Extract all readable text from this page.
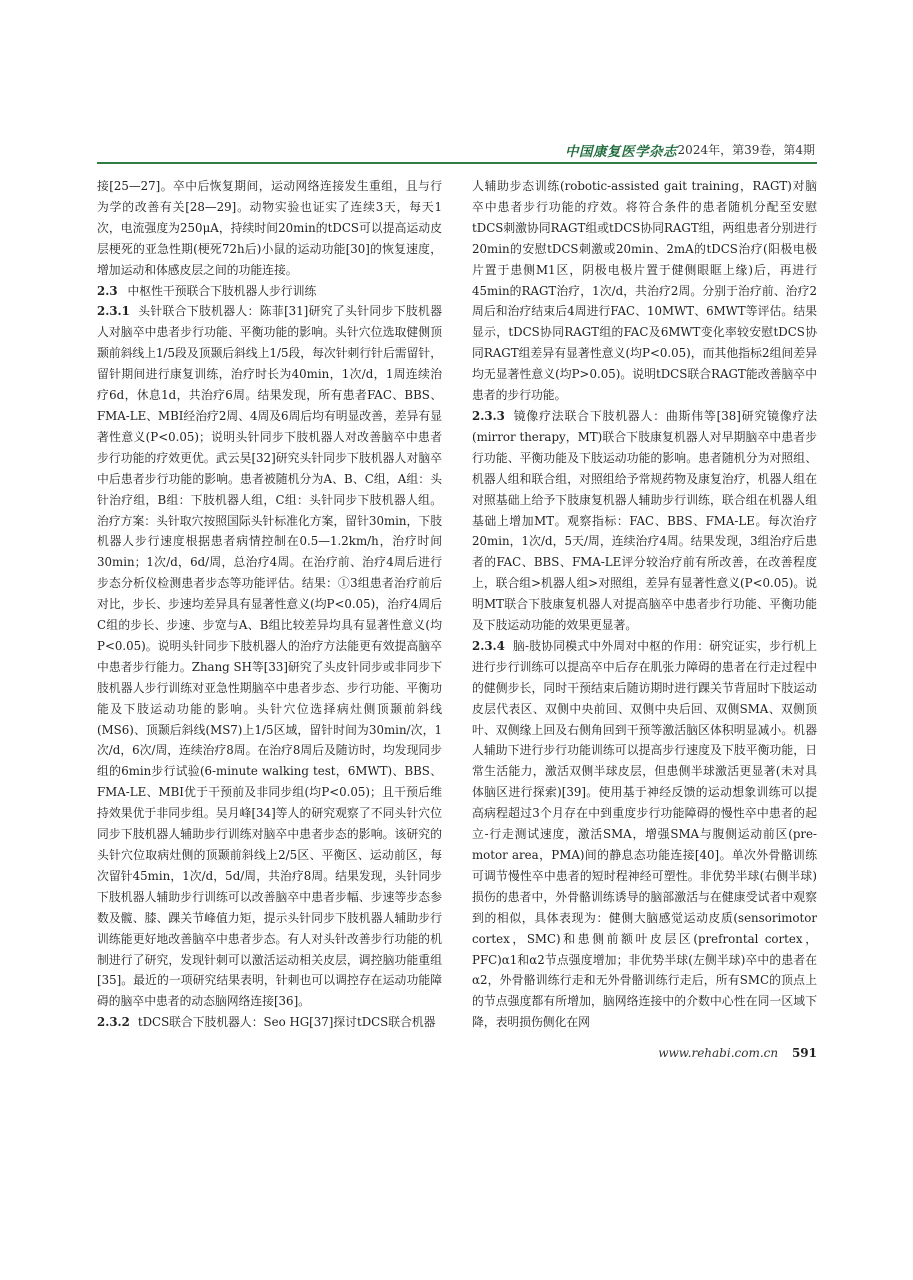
中国康复医学杂志 2024年，第39卷，第4期

接[25—27]。卒中后恢复期间，运动网络连接发生重组，且与行为学的改善有关[28—29]。动物实验也证实了连续3天，每天1次，电流强度为250μA，持续时间20min的tDCS可以提高运动皮层梗死的亚急性期(梗死72h后)小鼠的运动功能[30]的恢复速度，增加运动和体感皮层之间的功能连接。

2.3 中枢性干预联合下肢机器人步行训练

2.3.1 头针联合下肢机器人：陈菲[31]研究了头针同步下肢机器人对脑卒中患者步行功能、平衡功能的影响。头针穴位选取健侧顶颞前斜线上1/5段及顶颞后斜线上1/5段，每次针刺行针后需留针，留针期间进行康复训练，治疗时长为40min，1次/d，1周连续治疗6d，休息1d，共治疗6周。结果发现，所有患者FAC、BBS、FMA-LE、MBI经治疗2周、4周及6周后均有明显改善，差异有显著性意义(P<0.05)；说明头针同步下肢机器人对改善脑卒中患者步行功能的疗效更优。武云昊[32]研究头针同步下肢机器人对脑卒中后患者步行功能的影响。患者被随机分为A、B、C组，A组：头针治疗组，B组：下肢机器人组，C组：头针同步下肢机器人组。治疗方案：头针取穴按照国际头针标准化方案，留针30min，下肢机器人步行速度根据患者病情控制在0.5—1.2km/h，治疗时间30min；1次/d，6d/周，总治疗4周。在治疗前、治疗4周后进行步态分析仪检测患者步态等功能评估。结果：①3组患者治疗前后对比，步长、步速均差异具有显著性意义(均P<0.05)，治疗4周后C组的步长、步速、步宽与A、B组比较差异均具有显著性意义(均P<0.05)。说明头针同步下肢机器人的治疗方法能更有效提高脑卒中患者步行能力。Zhang SH等[33]研究了头皮针同步或非同步下肢机器人步行训练对亚急性期脑卒中患者步态、步行功能、平衡功能及下肢运动功能的影响。头针穴位选择病灶侧顶颞前斜线(MS6)、顶颞后斜线(MS7)上1/5区域，留针时间为30min/次，1次/d，6次/周，连续治疗8周。在治疗8周后及随访时，均发现同步组的6min步行试验(6-minute walking test，6MWT)、BBS、FMA-LE、MBI优于干预前及非同步组(均P<0.05)；且干预后维持效果优于非同步组。吴月峰[34]等人的研究观察了不同头针穴位同步下肢机器人辅助步行训练对脑卒中患者步态的影响。该研究的头针穴位取病灶侧的顶颞前斜线上2/5区、平衡区、运动前区，每次留针45min，1次/d，5d/周，共治疗8周。结果发现，头针同步下肢机器人辅助步行训练可以改善脑卒中患者步幅、步速等步态参数及髋、膝、踝关节峰值力矩，提示头针同步下肢机器人辅助步行训练能更好地改善脑卒中患者步态。有人对头针改善步行功能的机制进行了研究，发现针刺可以激活运动相关皮层，调控脑功能重组[35]。最近的一项研究结果表明，针刺也可以调控存在运动功能障碍的脑卒中患者的动态脑网络连接[36]。

2.3.2 tDCS联合下肢机器人：Seo HG[37]探讨tDCS联合机器

人辅助步态训练(robotic-assisted gait training，RAGT)对脑卒中患者步行功能的疗效。将符合条件的患者随机分配至安慰tDCS刺激协同RAGT组或tDCS协同RAGT组，两组患者分别进行20min的安慰tDCS刺激或20min、2mA的tDCS治疗(阳极电极片置于患侧M1区，阴极电极片置于健侧眼眶上缘)后，再进行45min的RAGT治疗，1次/d，共治疗2周。分别于治疗前、治疗2周后和治疗结束后4周进行FAC、10MWT、6MWT等评估。结果显示，tDCS协同RAGT组的FAC及6MWT变化率较安慰tDCS协同RAGT组差异有显著性意义(均P<0.05)，而其他指标2组间差异均无显著性意义(均P>0.05)。说明tDCS联合RAGT能改善脑卒中患者的步行功能。

2.3.3 镜像疗法联合下肢机器人：曲斯伟等[38]研究镜像疗法(mirror therapy，MT)联合下肢康复机器人对早期脑卒中患者步行功能、平衡功能及下肢运动功能的影响。患者随机分为对照组、机器人组和联合组，对照组给予常规药物及康复治疗，机器人组在对照基础上给予下肢康复机器人辅助步行训练，联合组在机器人组基础上增加MT。观察指标：FAC、BBS、FMA-LE。每次治疗20min，1次/d，5天/周，连续治疗4周。结果发现，3组治疗后患者的FAC、BBS、FMA-LE评分较治疗前有所改善，在改善程度上，联合组>机器人组>对照组，差异有显著性意义(P<0.05)。说明MT联合下肢康复机器人对提高脑卒中患者步行功能、平衡功能及下肢运动功能的效果更显著。

2.3.4 脑-肢协同模式中外周对中枢的作用：研究证实，步行机上进行步行训练可以提高卒中后存在肌张力障碍的患者在行走过程中的健侧步长，同时干预结束后随访期时进行踝关节背屈时下肢运动皮层代表区、双侧中央前回、双侧中央后回、双侧SMA、双侧顶叶、双侧缘上回及右侧角回到干预等激活脑区体积明显减小。机器人辅助下进行步行功能训练可以提高步行速度及下肢平衡功能，日常生活能力，激活双侧半球皮层，但患侧半球激活更显著(未对具体脑区进行探索)[39]。使用基于神经反馈的运动想象训练可以提高病程超过3个月存在中到重度步行功能障碍的慢性卒中患者的起立-行走测试速度，激活SMA，增强SMA与腹侧运动前区(pre-motor area，PMA)间的静息态功能连接[40]。单次外骨骼训练可调节慢性卒中患者的短时程神经可塑性。非优势半球(右侧半球)损伤的患者中，外骨骼训练诱导的脑部激活与在健康受试者中观察到的相似，具体表现为：健侧大脑感觉运动皮质(sensorimotor cortex，SMC)和患侧前额叶皮层区(prefrontal cortex，PFC)α1和α2节点强度增加；非优势半球(左侧半球)卒中的患者在α2，外骨骼训练行走和无外骨骼训练行走后，所有SMC的顶点上的节点强度都有所增加，脑网络连接中的介数中心性在同一区域下降，表明损伤侧化在网

www.rehabi.com.cn 591
